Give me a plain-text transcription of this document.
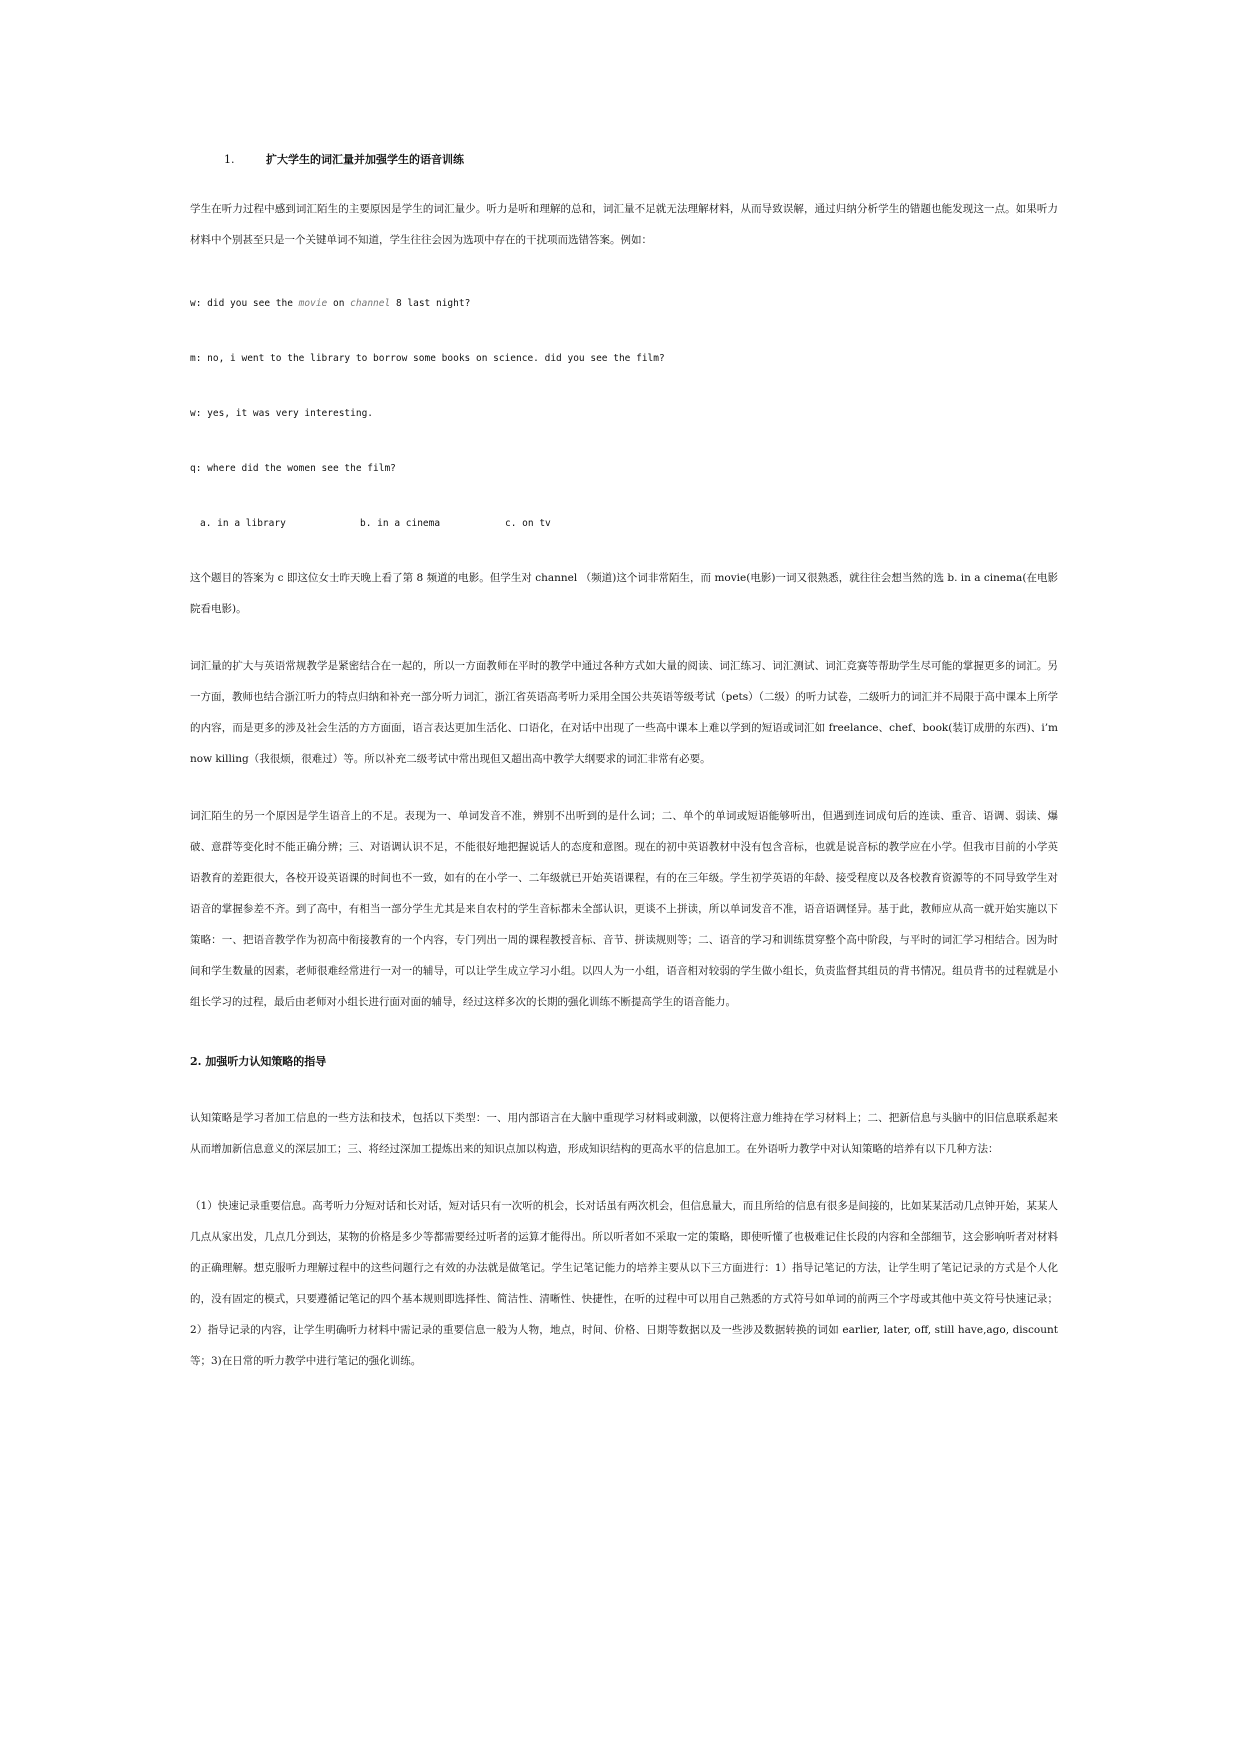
1.	扩大学生的词汇量并加强学生的语音训练

学生在听力过程中感到词汇陌生的主要原因是学生的词汇量少。听力是听和理解的总和，词汇量不足就无法理解材料，从而导致误解，通过归纳分析学生的错题也能发现这一点。如果听力材料中个别甚至只是一个关键单词不知道，学生往往会因为选项中存在的干扰项而选错答案。例如：

w: did you see the movie on channel 8 last night?

m: no, i went to the library to borrow some books on science. did you see the film?

w: yes, it was very interesting.

q: where did the women see the film?

a. in a library	b. in a cinema	c. on tv

这个题目的答案为 c 即这位女士昨天晚上看了第 8 频道的电影。但学生对 channel （频道)这个词非常陌生，而 movie(电影)一词又很熟悉，就往往会想当然的选 b. in a cinema(在电影院看电影)。

词汇量的扩大与英语常规教学是紧密结合在一起的，所以一方面教师在平时的教学中通过各种方式如大量的阅读、词汇练习、词汇测试、词汇竞赛等帮助学生尽可能的掌握更多的词汇。另一方面，教师也结合浙江听力的特点归纳和补充一部分听力词汇，浙江省英语高考听力采用全国公共英语等级考试（pets）（二级）的听力试卷，二级听力的词汇并不局限于高中课本上所学的内容，而是更多的涉及社会生活的方方面面，语言表达更加生活化、口语化，在对话中出现了一些高中课本上难以学到的短语或词汇如 freelance、chef、book(装订成册的东西)、i’m now killing（我很烦，很难过）等。所以补充二级考试中常出现但又超出高中教学大纲要求的词汇非常有必要。

词汇陌生的另一个原因是学生语音上的不足。表现为一、单词发音不准，辨别不出听到的是什么词；二、单个的单词或短语能够听出，但遇到连词成句后的连读、重音、语调、弱读、爆破、意群等变化时不能正确分辨；三、对语调认识不足，不能很好地把握说话人的态度和意图。现在的初中英语教材中没有包含音标，也就是说音标的教学应在小学。但我市目前的小学英语教育的差距很大，各校开设英语课的时间也不一致，如有的在小学一、二年级就已开始英语课程，有的在三年级。学生初学英语的年龄、接受程度以及各校教育资源等的不同导致学生对语音的掌握参差不齐。到了高中，有相当一部分学生尤其是来自农村的学生音标都未全部认识，更谈不上拼读，所以单词发音不准，语音语调怪异。基于此，教师应从高一就开始实施以下策略：一、把语音教学作为初高中衔接教育的一个内容，专门列出一周的课程教授音标、音节、拼读规则等；二、语音的学习和训练贯穿整个高中阶段，与平时的词汇学习相结合。因为时间和学生数量的因素，老师很难经常进行一对一的辅导，可以让学生成立学习小组。以四人为一小组，语音相对较弱的学生做小组长，负责监督其组员的背书情况。组员背书的过程就是小组长学习的过程，最后由老师对小组长进行面对面的辅导，经过这样多次的长期的强化训练不断提高学生的语音能力。

2. 加强听力认知策略的指导

认知策略是学习者加工信息的一些方法和技术，包括以下类型：一、用内部语言在大脑中重现学习材料或刺激，以便将注意力维持在学习材料上；二、把新信息与头脑中的旧信息联系起来从而增加新信息意义的深层加工；三、将经过深加工提炼出来的知识点加以构造，形成知识结构的更高水平的信息加工。在外语听力教学中对认知策略的培养有以下几种方法：

（1）快速记录重要信息。高考听力分短对话和长对话，短对话只有一次听的机会，长对话虽有两次机会，但信息量大，而且所给的信息有很多是间接的，比如某某活动几点钟开始，某某人几点从家出发，几点几分到达，某物的价格是多少等都需要经过听者的运算才能得出。所以听者如不采取一定的策略，即使听懂了也极难记住长段的内容和全部细节，这会影响听者对材料的正确理解。想克服听力理解过程中的这些问题行之有效的办法就是做笔记。学生记笔记能力的培养主要从以下三方面进行：1）指导记笔记的方法，让学生明了笔记记录的方式是个人化的，没有固定的模式，只要遵循记笔记的四个基本规则即选择性、简洁性、清晰性、快捷性，在听的过程中可以用自己熟悉的方式符号如单词的前两三个字母或其他中英文符号快速记录；2）指导记录的内容，让学生明确听力材料中需记录的重要信息一般为人物，地点，时间、价格、日期等数据以及一些涉及数据转换的词如 earlier, later, off, still have,ago, discount 等；3)在日常的听力教学中进行笔记的强化训练。
